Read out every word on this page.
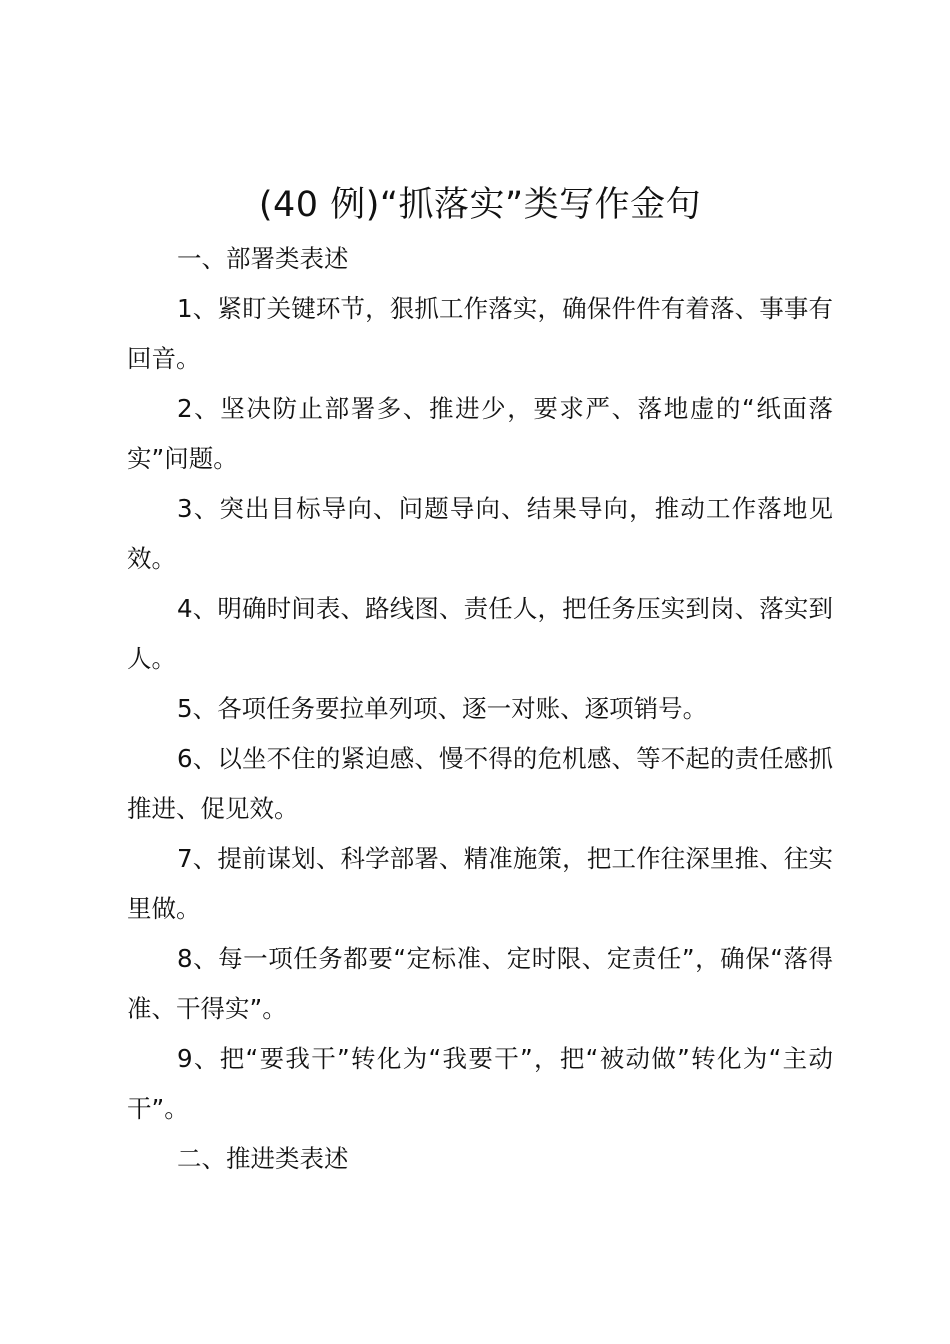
(40 例)“抓落实”类写作金句

一、部署类表述

1、紧盯关键环节，狠抓工作落实，确保件件有着落、事事有回音。

2、坚决防止部署多、推进少，要求严、落地虚的“纸面落实”问题。

3、突出目标导向、问题导向、结果导向，推动工作落地见效。

4、明确时间表、路线图、责任人，把任务压实到岗、落实到人。

5、各项任务要拉单列项、逐一对账、逐项销号。

6、以坐不住的紧迫感、慢不得的危机感、等不起的责任感抓推进、促见效。

7、提前谋划、科学部署、精准施策，把工作往深里推、往实里做。

8、每一项任务都要“定标准、定时限、定责任”，确保“落得准、干得实”。

9、把“要我干”转化为“我要干”，把“被动做”转化为“主动干”。

二、推进类表述
